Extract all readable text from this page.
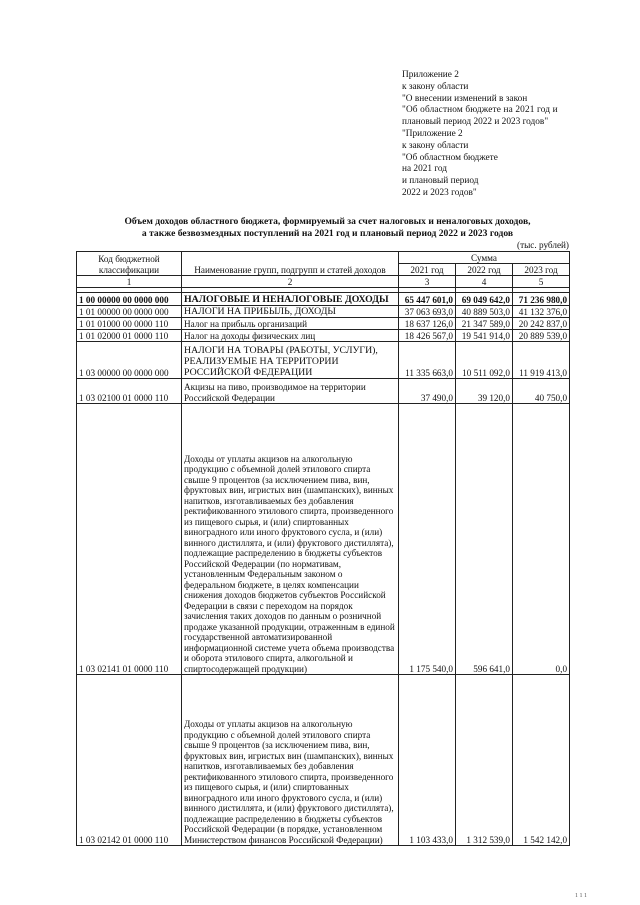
Приложение 2
к закону области
"О внесении изменений в закон
"Об областном бюджете на 2021 год и
плановый период 2022 и 2023 годов"
"Приложение 2
к закону области
"Об областном бюджете
на 2021 год
и плановый период
2022 и 2023 годов"
Объем доходов областного бюджета, формируемый за счет налоговых и неналоговых доходов,
а также безвозмездных поступлений на 2021 год и плановый период 2022 и 2023 годов
(тыс. рублей)
Код бюджетной классификации	Наименование групп, подгрупп и статей доходов	Сумма		
		2021 год	2022 год	2023 год
1	2	3	4	5

1 00 00000 00 0000 000	НАЛОГОВЫЕ И НЕНАЛОГОВЫЕ ДОХОДЫ	65 447 601,0	69 049 642,0	71 236 980,0
1 01 00000 00 0000 000	НАЛОГИ НА ПРИБЫЛЬ, ДОХОДЫ	37 063 693,0	40 889 503,0	41 132 376,0
1 01 01000 00 0000 110	Налог на прибыль организаций	18 637 126,0	21 347 589,0	20 242 837,0
1 01 02000 01 0000 110	Налог на доходы физических лиц	18 426 567,0	19 541 914,0	20 889 539,0
1 03 00000 00 0000 000	НАЛОГИ НА ТОВАРЫ (РАБОТЫ, УСЛУГИ), РЕАЛИЗУЕМЫЕ НА ТЕРРИТОРИИ РОССИЙСКОЙ ФЕДЕРАЦИИ	11 335 663,0	10 511 092,0	11 919 413,0
1 03 02100 01 0000 110	Акцизы на пиво, производимое на территории Российской Федерации	37 490,0	39 120,0	40 750,0
1 03 02141 01 0000 110	Доходы от уплаты акцизов на алкогольную продукцию с объемной долей этилового спирта свыше 9 процентов (за исключением пива, вин, фруктовых вин, игристых вин (шампанских), винных напитков, изготавливаемых без добавления ректификованного этилового спирта, произведенного из пищевого сырья, и (или) спиртованных виноградного или иного фруктового сусла, и (или) винного дистиллята, и (или) фруктового дистиллята), подлежащие распределению в бюджеты субъектов Российской Федерации (по нормативам, установленным Федеральным законом о федеральном бюджете, в целях компенсации снижения доходов бюджетов субъектов Российской Федерации в связи с переходом на порядок зачисления таких доходов по данным о розничной продаже указанной продукции, отраженным в единой государственной автоматизированной информационной системе учета объема производства и оборота этилового спирта, алкогольной и спиртосодержащей продукции)	1 175 540,0	596 641,0	0,0
1 03 02142 01 0000 110	Доходы от уплаты акцизов на алкогольную продукцию с объемной долей этилового спирта свыше 9 процентов (за исключением пива, вин, фруктовых вин, игристых вин (шампанских), винных напитков, изготавливаемых без добавления ректификованного этилового спирта, произведенного из пищевого сырья, и (или) спиртованных виноградного или иного фруктового сусла, и (или) винного дистиллята, и (или) фруктового дистиллята), подлежащие распределению в бюджеты субъектов Российской Федерации (в порядке, установленном Министерством финансов Российской Федерации)	1 103 433,0	1 312 539,0	1 542 142,0
1 1 1
